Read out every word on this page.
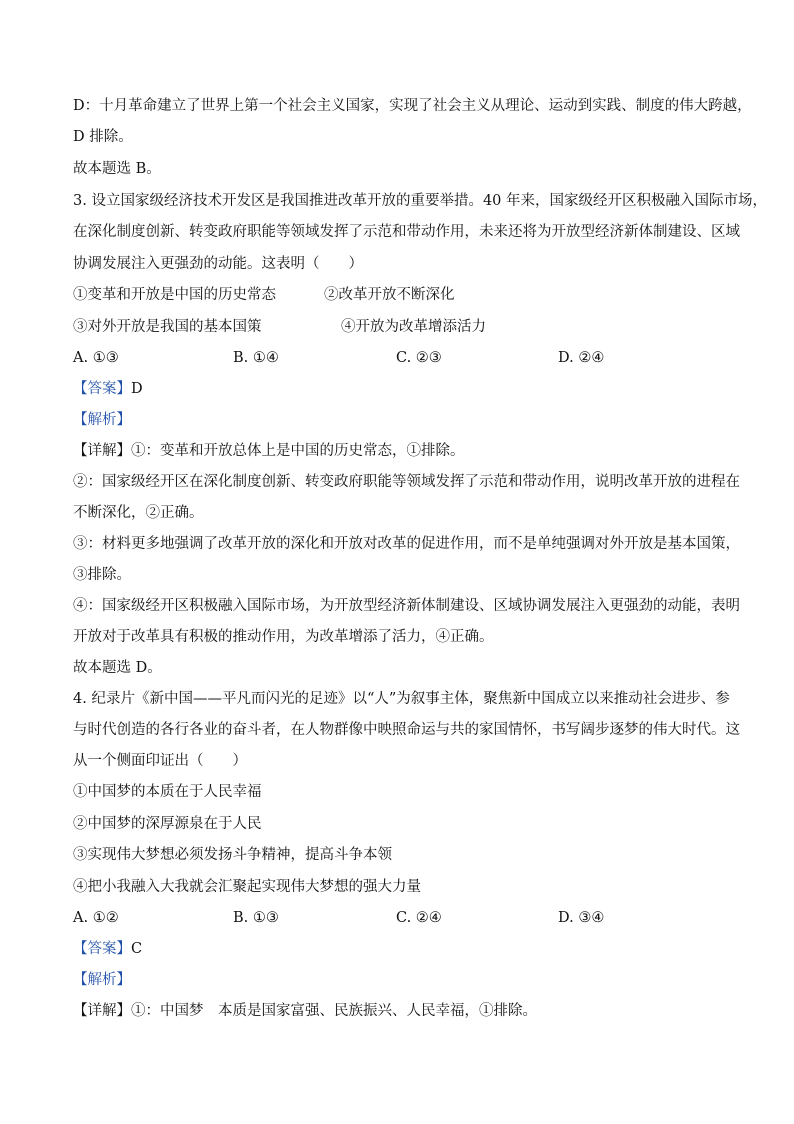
D：十月革命建立了世界上第一个社会主义国家，实现了社会主义从理论、运动到实践、制度的伟大跨越，
D 排除。
故本题选 B。
3. 设立国家级经济技术开发区是我国推进改革开放的重要举措。40 年来，国家级经开区积极融入国际市场，
在深化制度创新、转变政府职能等领域发挥了示范和带动作用，未来还将为开放型经济新体制建设、区域
协调发展注入更强劲的动能。这表明（　　）
①变革和开放是中国的历史常态	②改革开放不断深化
③对外开放是我国的基本国策	④开放为改革增添活力
A. ①③	B. ①④	C. ②③	D. ②④
【答案】D
【解析】
【详解】①：变革和开放总体上是中国的历史常态，①排除。
②：国家级经开区在深化制度创新、转变政府职能等领域发挥了示范和带动作用，说明改革开放的进程在
不断深化，②正确。
③：材料更多地强调了改革开放的深化和开放对改革的促进作用，而不是单纯强调对外开放是基本国策，
③排除。
④：国家级经开区积极融入国际市场，为开放型经济新体制建设、区域协调发展注入更强劲的动能，表明
开放对于改革具有积极的推动作用，为改革增添了活力，④正确。
故本题选 D。
4. 纪录片《新中国——平凡而闪光的足迹》以“人”为叙事主体，聚焦新中国成立以来推动社会进步、参
与时代创造的各行各业的奋斗者，在人物群像中映照命运与共的家国情怀，书写阔步逐梦的伟大时代。这
从一个侧面印证出（　　）
①中国梦的本质在于人民幸福
②中国梦的深厚源泉在于人民
③实现伟大梦想必须发扬斗争精神，提高斗争本领
④把小我融入大我就会汇聚起实现伟大梦想的强大力量
A. ①②	B. ①③	C. ②④	D. ③④
【答案】C
【解析】
【详解】①：中国梦　本质是国家富强、民族振兴、人民幸福，①排除。
